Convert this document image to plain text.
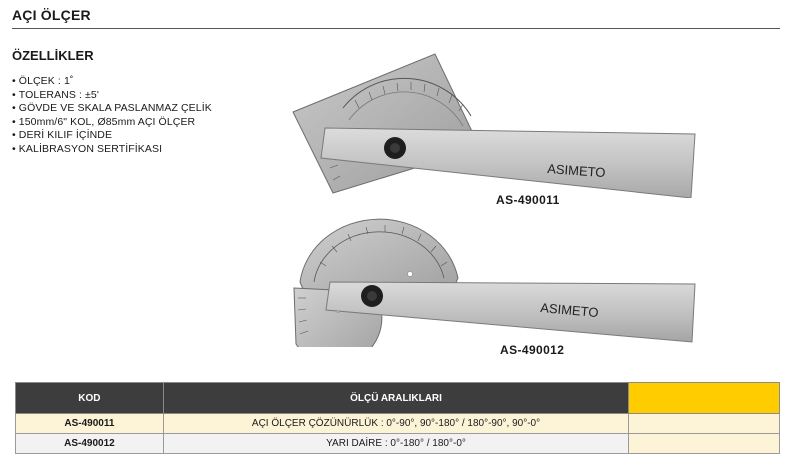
AÇI ÖLÇER
ÖZELLİKLER
• ÖLÇEK : 1˚
• TOLERANS : ±5'
• GÖVDE VE SKALA PASLANMAZ ÇELİK
• 150mm/6" KOL, Ø85mm AÇI ÖLÇER
• DERİ KILIF İÇİNDE
• KALİBRASYON SERTİFİKASI
ASIMETO
AS-490011
ASIMETO
AS-490012
KOD	ÖLÇÜ ARALIKLARI	
AS-490011	AÇI ÖLÇER ÇÖZÜNÜRLÜK : 0°-90°, 90°-180° / 180°-90°, 90°-0°	
AS-490012	YARI DAİRE : 0°-180° / 180°-0°	
